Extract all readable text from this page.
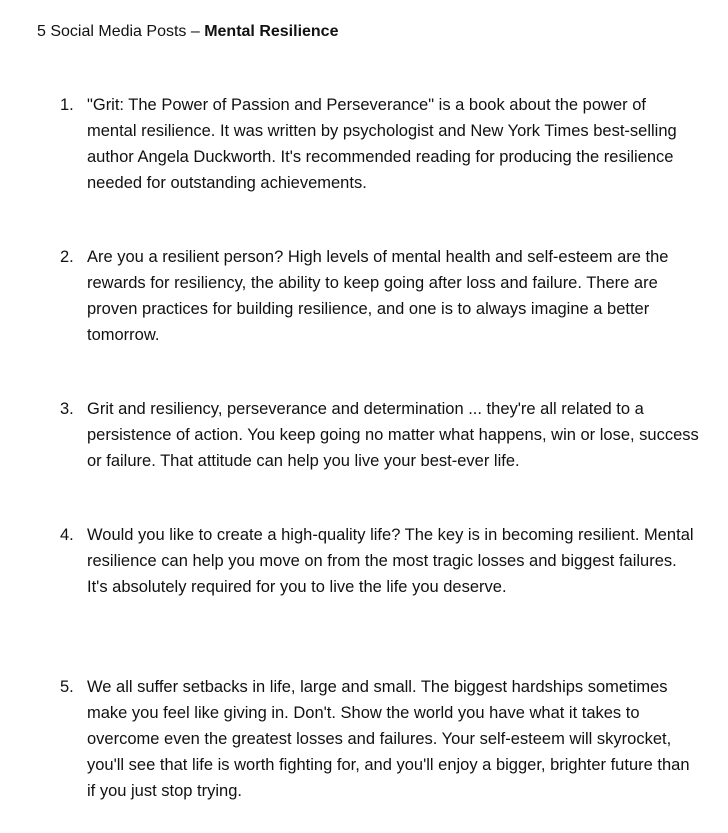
5 Social Media Posts – Mental Resilience
1. "Grit: The Power of Passion and Perseverance" is a book about the power of mental resilience. It was written by psychologist and New York Times best-selling author Angela Duckworth. It's recommended reading for producing the resilience needed for outstanding achievements.
2. Are you a resilient person? High levels of mental health and self-esteem are the rewards for resiliency, the ability to keep going after loss and failure. There are proven practices for building resilience, and one is to always imagine a better tomorrow.
3. Grit and resiliency, perseverance and determination ... they're all related to a persistence of action. You keep going no matter what happens, win or lose, success or failure. That attitude can help you live your best-ever life.
4. Would you like to create a high-quality life? The key is in becoming resilient. Mental resilience can help you move on from the most tragic losses and biggest failures. It's absolutely required for you to live the life you deserve.
5. We all suffer setbacks in life, large and small. The biggest hardships sometimes make you feel like giving in. Don't. Show the world you have what it takes to overcome even the greatest losses and failures. Your self-esteem will skyrocket, you'll see that life is worth fighting for, and you'll enjoy a bigger, brighter future than if you just stop trying.
